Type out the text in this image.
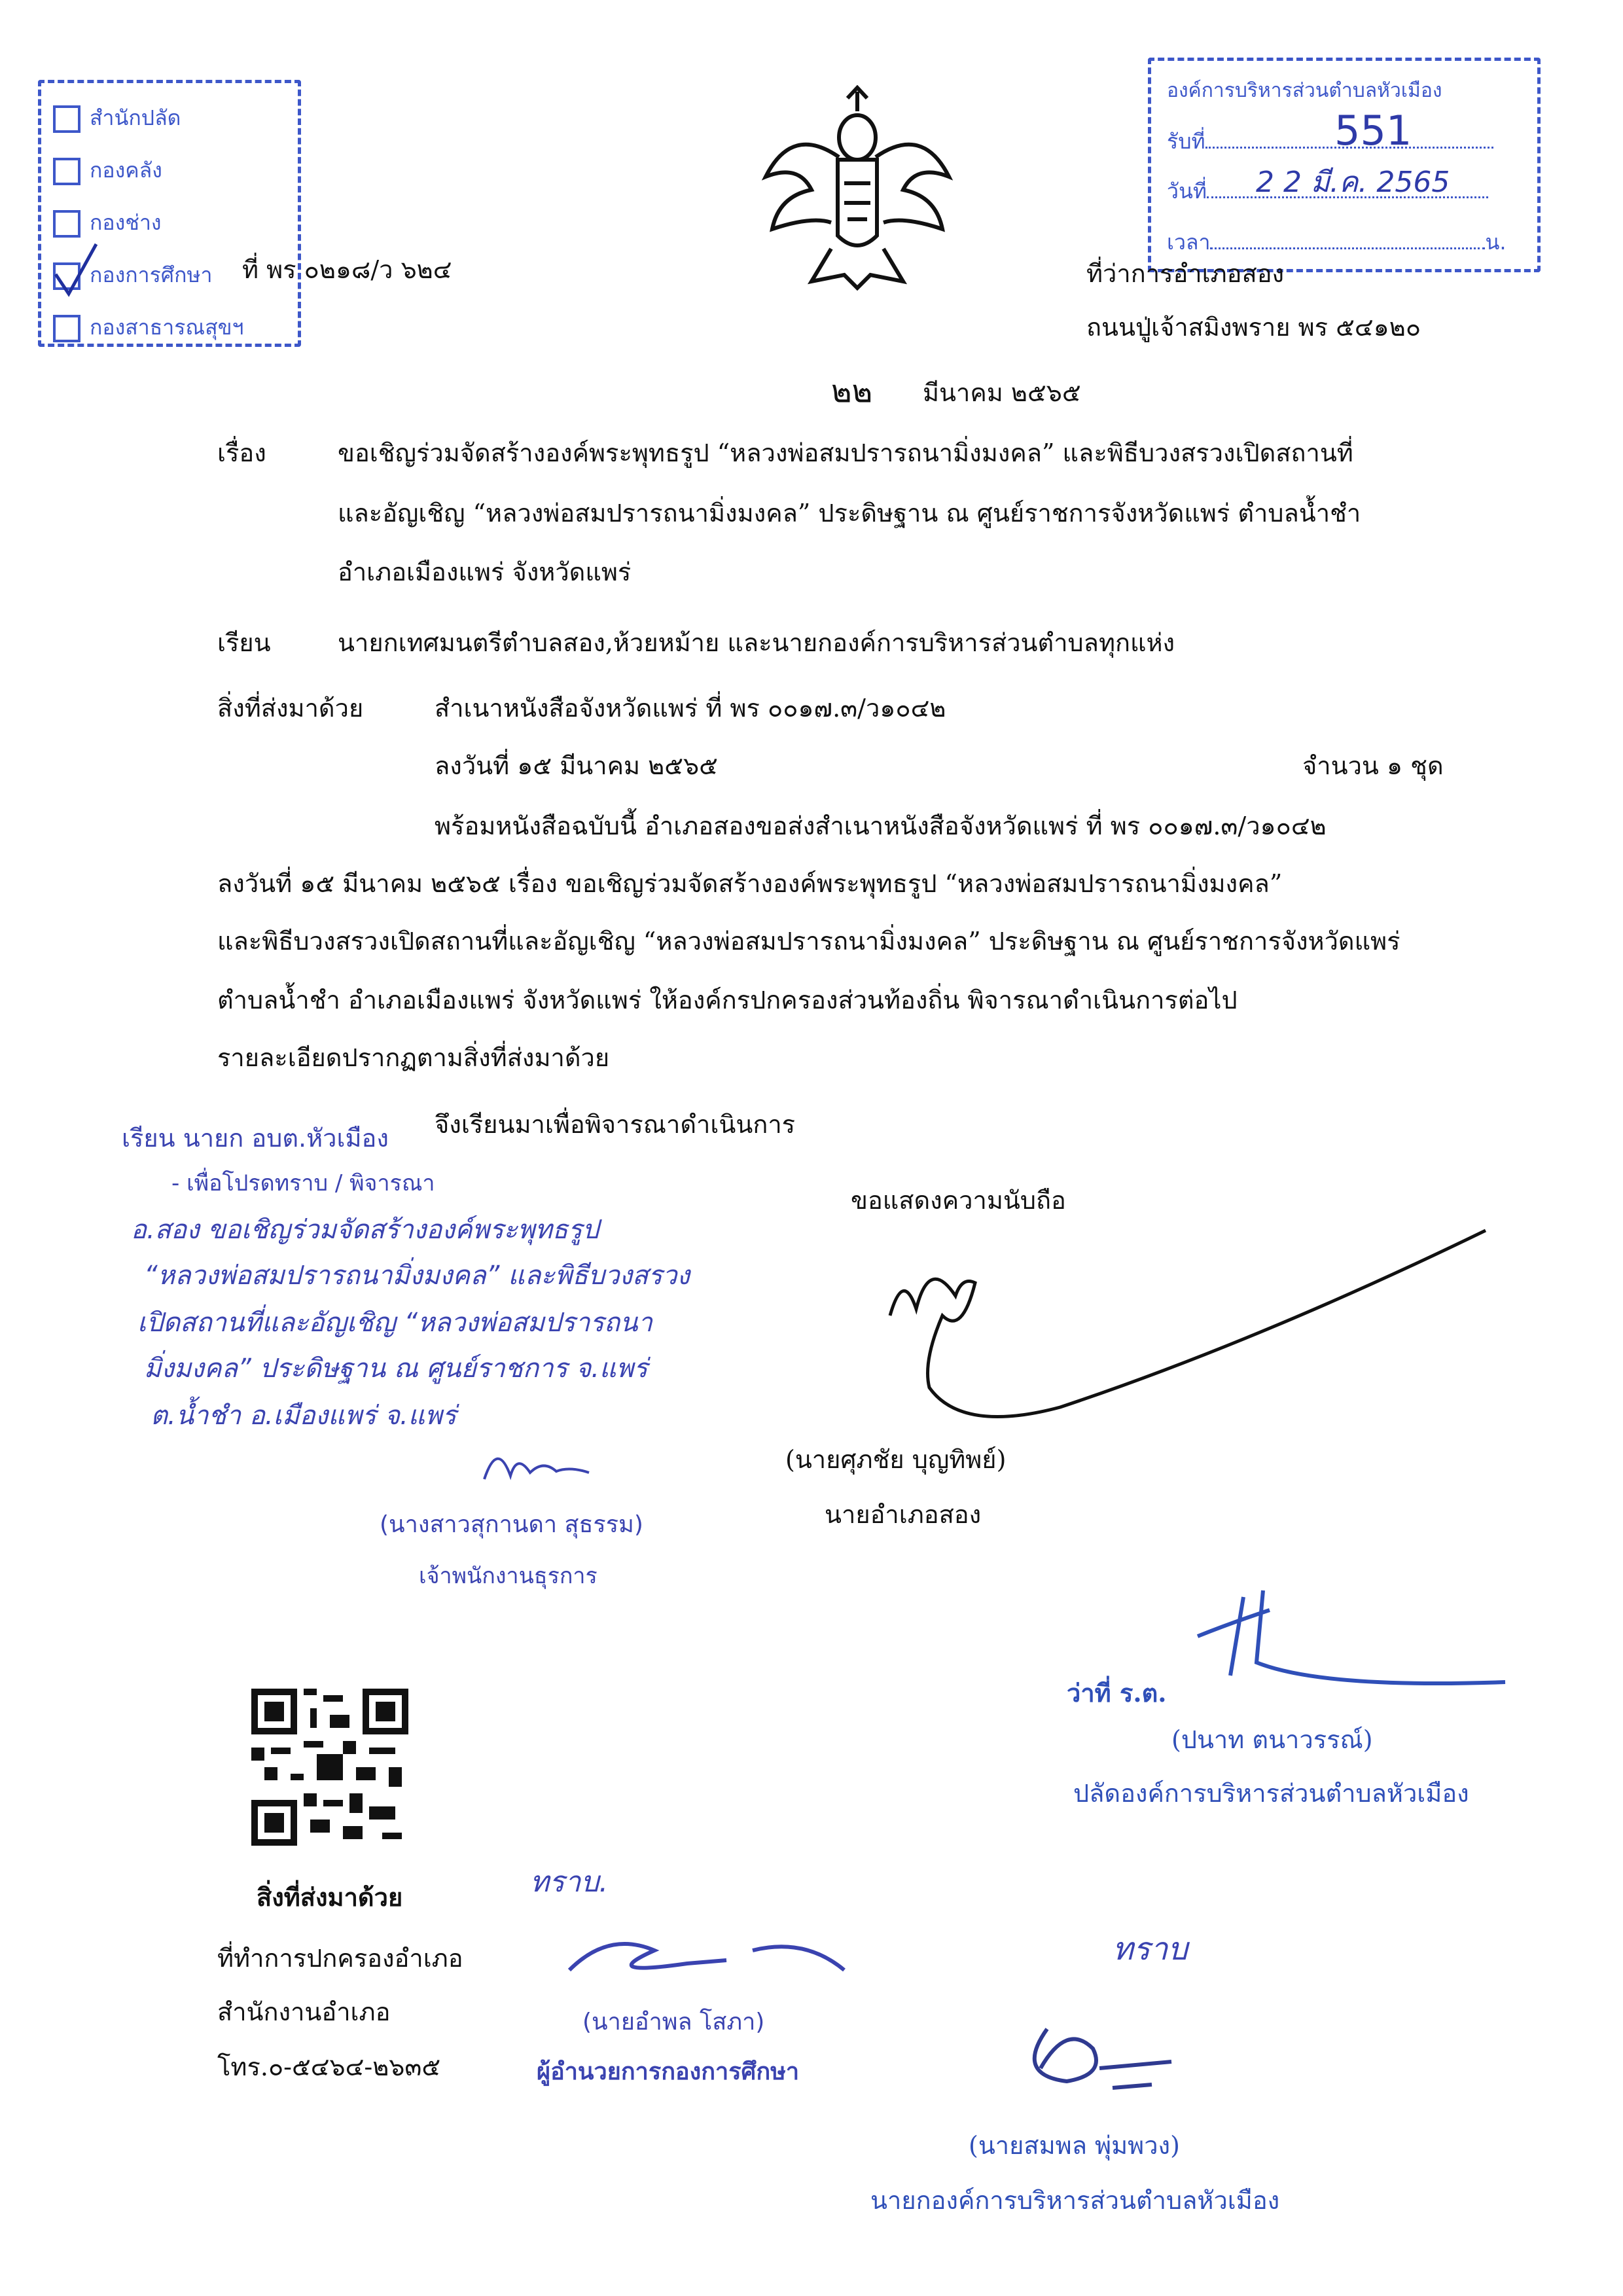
สำนักปลัด
กองคลัง
กองช่าง
กองการศึกษา
กองสาธารณสุขฯ
องค์การบริหารส่วนตำบลหัวเมือง
รับที่	551
วันที่	2 2 มี.ค. 2565
เวลา	น.
ที่ พร ๐๒๑๘/ว ๖๒๔	ที่ว่าการอำเภอสอง
ถนนปู่เจ้าสมิงพราย พร ๕๔๑๒๐
๒๒ มีนาคม ๒๕๖๕
เรื่อง	ขอเชิญร่วมจัดสร้างองค์พระพุทธรูป “หลวงพ่อสมปรารถนามิ่งมงคล” และพิธีบวงสรวงเปิดสถานที่
และอัญเชิญ “หลวงพ่อสมปรารถนามิ่งมงคล” ประดิษฐาน ณ ศูนย์ราชการจังหวัดแพร่ ตำบลน้ำชำ
อำเภอเมืองแพร่ จังหวัดแพร่
เรียน	นายกเทศมนตรีตำบลสอง,ห้วยหม้าย และนายกองค์การบริหารส่วนตำบลทุกแห่ง
สิ่งที่ส่งมาด้วย	สำเนาหนังสือจังหวัดแพร่ ที่ พร ๐๐๑๗.๓/ว๑๐๔๒
ลงวันที่ ๑๕ มีนาคม ๒๕๖๕	จำนวน ๑ ชุด
พร้อมหนังสือฉบับนี้ อำเภอสองขอส่งสำเนาหนังสือจังหวัดแพร่ ที่ พร ๐๐๑๗.๓/ว๑๐๔๒
ลงวันที่ ๑๕ มีนาคม ๒๕๖๕ เรื่อง ขอเชิญร่วมจัดสร้างองค์พระพุทธรูป “หลวงพ่อสมปรารถนามิ่งมงคล”
และพิธีบวงสรวงเปิดสถานที่และอัญเชิญ “หลวงพ่อสมปรารถนามิ่งมงคล” ประดิษฐาน ณ ศูนย์ราชการจังหวัดแพร่
ตำบลน้ำชำ อำเภอเมืองแพร่ จังหวัดแพร่ ให้องค์กรปกครองส่วนท้องถิ่น พิจารณาดำเนินการต่อไป
รายละเอียดปรากฏตามสิ่งที่ส่งมาด้วย
จึงเรียนมาเพื่อพิจารณาดำเนินการ
เรียน นายก อบต.หัวเมือง
- เพื่อโปรดทราบ / พิจารณา
อ.สอง ขอเชิญร่วมจัดสร้างองค์พระพุทธรูป
“หลวงพ่อสมปรารถนามิ่งมงคล” และพิธีบวงสรวง
เปิดสถานที่และอัญเชิญ “หลวงพ่อสมปรารถนา
มิ่งมงคล” ประดิษฐาน ณ ศูนย์ราชการ จ.แพร่
ต.น้ำชำ อ.เมืองแพร่ จ.แพร่
(นางสาวสุกานดา สุธรรม)
เจ้าพนักงานธุรการ
ขอแสดงความนับถือ
(นายศุภชัย บุญทิพย์)
นายอำเภอสอง
ว่าที่ ร.ต.
(ปนาท ตนาวรรณ์)
ปลัดองค์การบริหารส่วนตำบลหัวเมือง
สิ่งที่ส่งมาด้วย
ที่ทำการปกครองอำเภอ
สำนักงานอำเภอ
โทร.๐-๕๔๖๔-๒๖๓๕
ทราบ.
(นายอำพล โสภา)
ผู้อำนวยการกองการศึกษา
ทราบ
(นายสมพล พุ่มพวง)
นายกองค์การบริหารส่วนตำบลหัวเมือง
